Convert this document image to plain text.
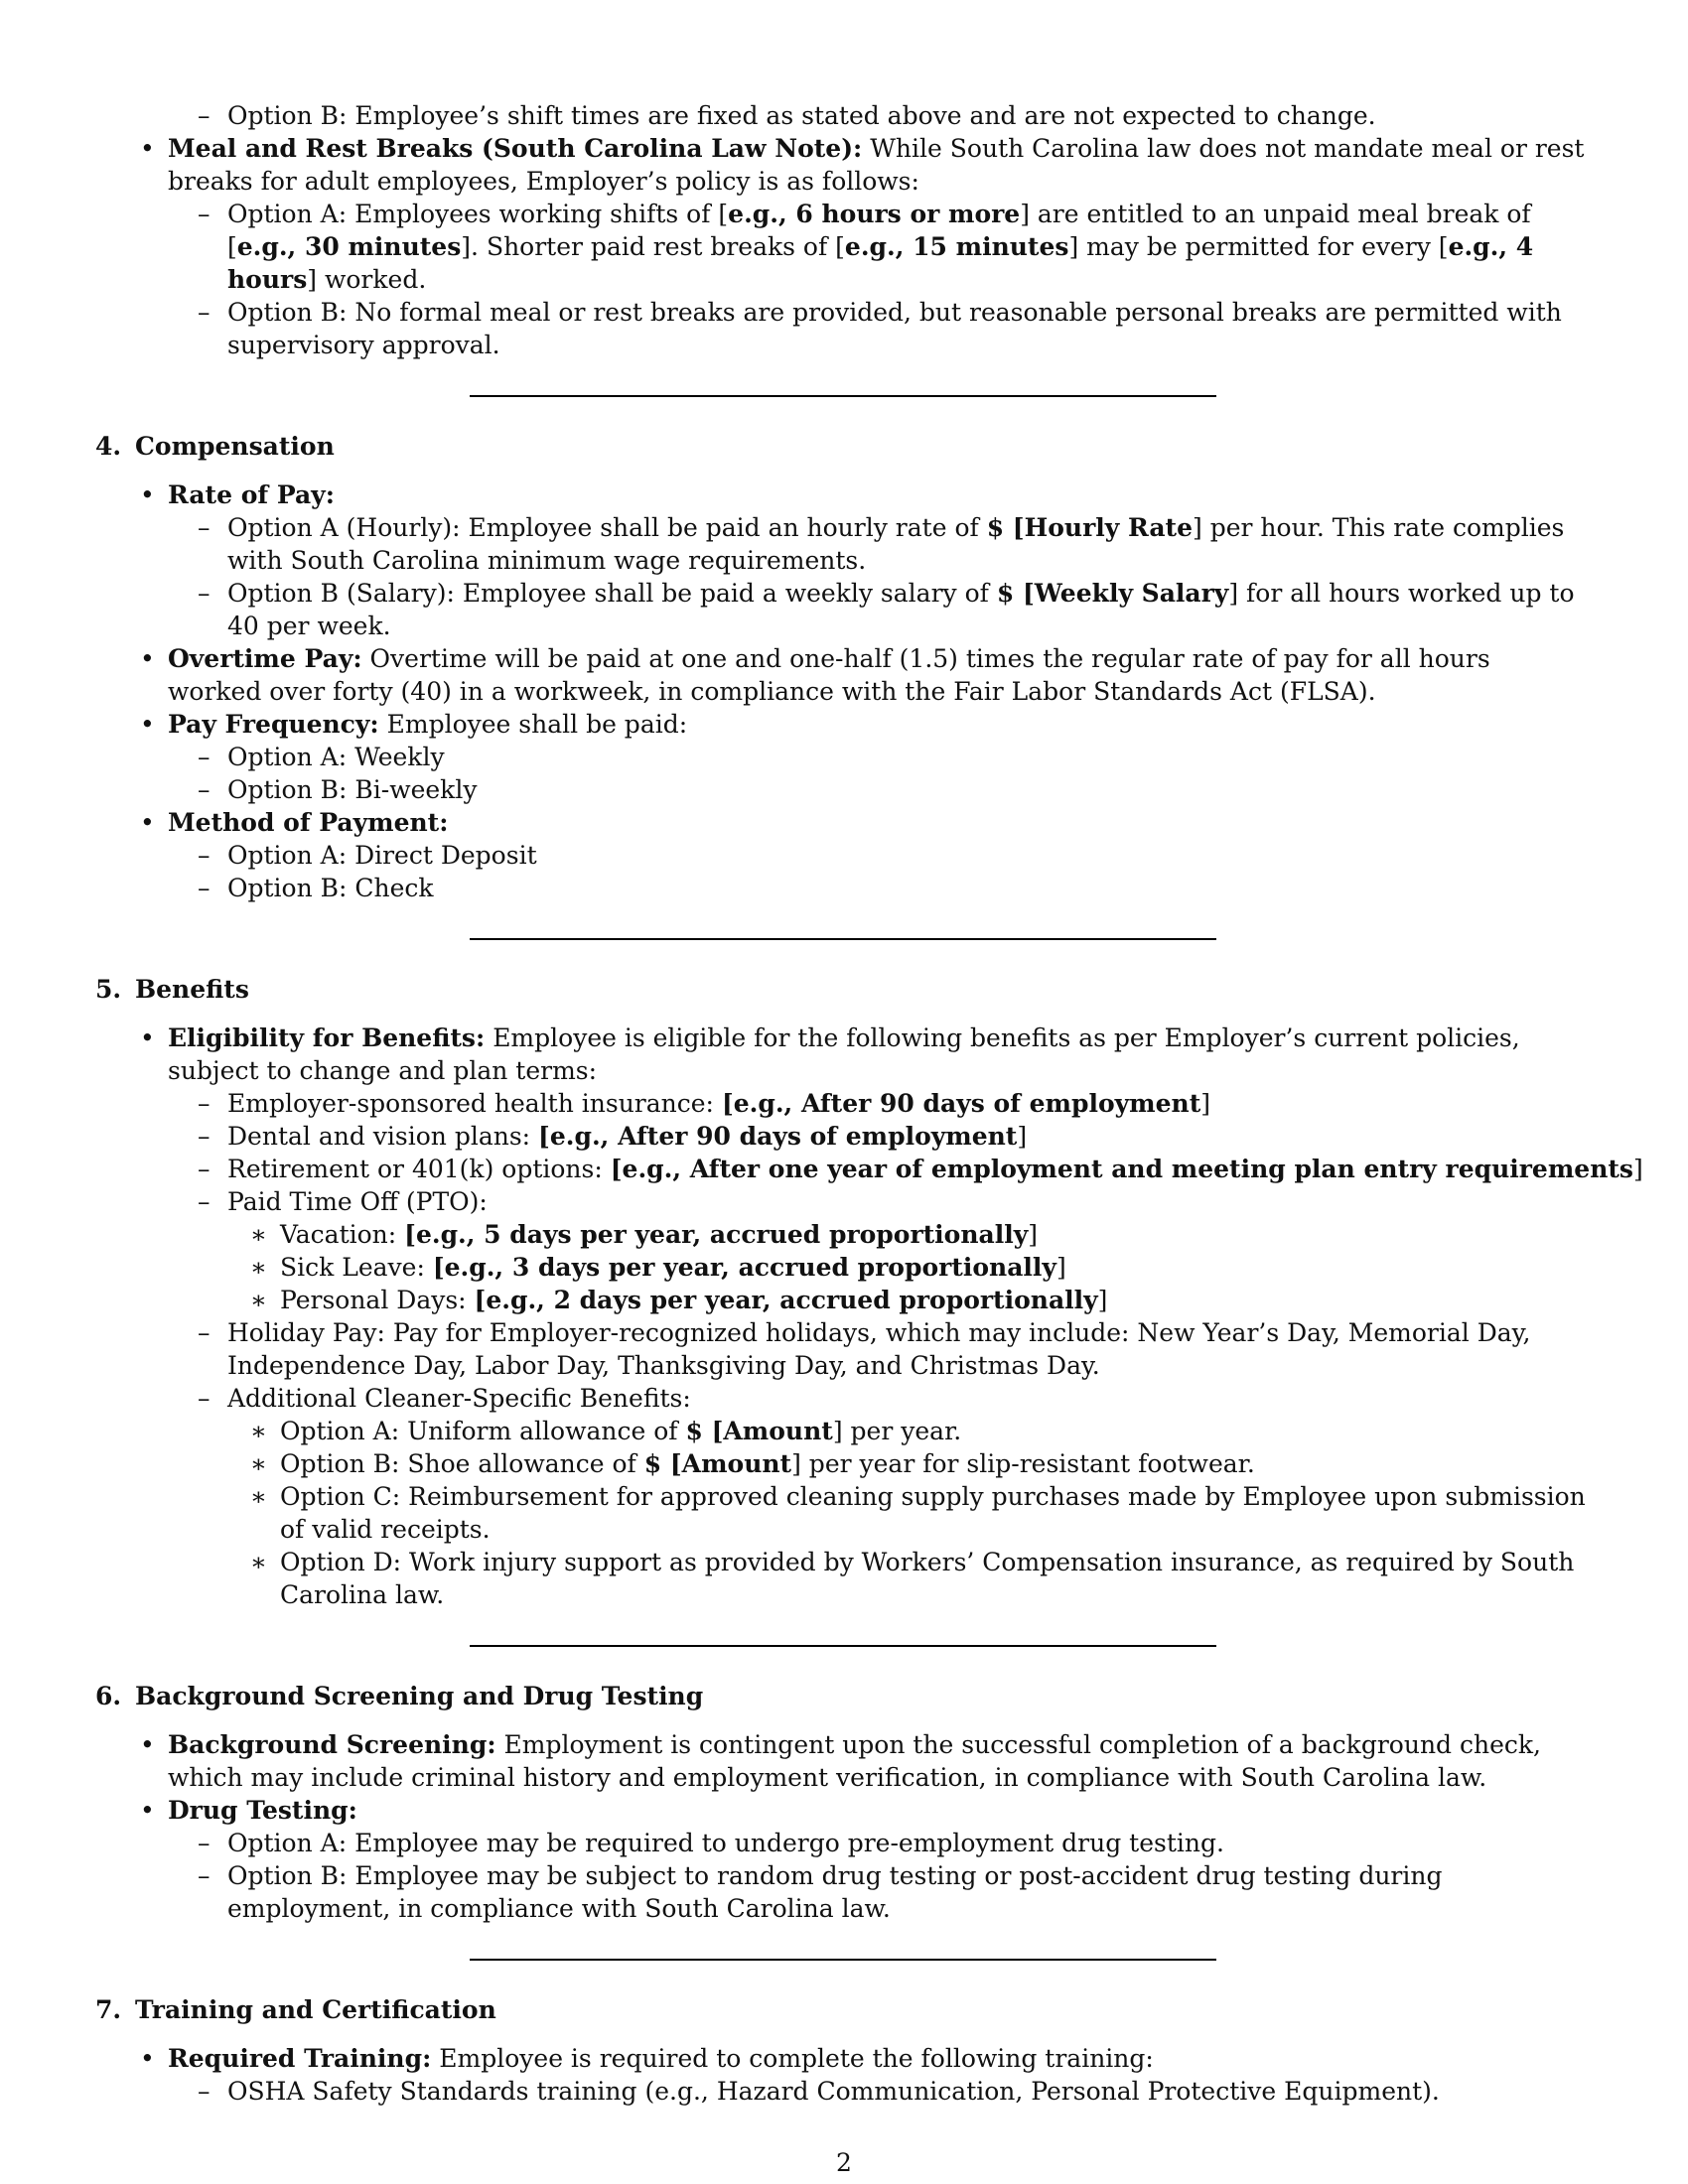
– Option B: Employee’s shift times are fixed as stated above and are not expected to change.
• Meal and Rest Breaks (South Carolina Law Note): While South Carolina law does not mandate meal or rest breaks for adult employees, Employer’s policy is as follows:
– Option A: Employees working shifts of [e.g., 6 hours or more] are entitled to an unpaid meal break of [e.g., 30 minutes]. Shorter paid rest breaks of [e.g., 15 minutes] may be permitted for every [e.g., 4 hours] worked.
– Option B: No formal meal or rest breaks are provided, but reasonable personal breaks are permitted with supervisory approval.
4. Compensation
• Rate of Pay:
– Option A (Hourly): Employee shall be paid an hourly rate of $ [Hourly Rate] per hour. This rate complies with South Carolina minimum wage requirements.
– Option B (Salary): Employee shall be paid a weekly salary of $ [Weekly Salary] for all hours worked up to 40 per week.
• Overtime Pay: Overtime will be paid at one and one-half (1.5) times the regular rate of pay for all hours worked over forty (40) in a workweek, in compliance with the Fair Labor Standards Act (FLSA).
• Pay Frequency: Employee shall be paid:
– Option A: Weekly
– Option B: Bi-weekly
• Method of Payment:
– Option A: Direct Deposit
– Option B: Check
5. Benefits
• Eligibility for Benefits: Employee is eligible for the following benefits as per Employer’s current policies, subject to change and plan terms:
– Employer-sponsored health insurance: [e.g., After 90 days of employment]
– Dental and vision plans: [e.g., After 90 days of employment]
– Retirement or 401(k) options: [e.g., After one year of employment and meeting plan entry requirements]
– Paid Time Off (PTO):
∗ Vacation: [e.g., 5 days per year, accrued proportionally]
∗ Sick Leave: [e.g., 3 days per year, accrued proportionally]
∗ Personal Days: [e.g., 2 days per year, accrued proportionally]
– Holiday Pay: Pay for Employer-recognized holidays, which may include: New Year’s Day, Memorial Day, Independence Day, Labor Day, Thanksgiving Day, and Christmas Day.
– Additional Cleaner-Specific Benefits:
∗ Option A: Uniform allowance of $ [Amount] per year.
∗ Option B: Shoe allowance of $ [Amount] per year for slip-resistant footwear.
∗ Option C: Reimbursement for approved cleaning supply purchases made by Employee upon submission of valid receipts.
∗ Option D: Work injury support as provided by Workers’ Compensation insurance, as required by South Carolina law.
6. Background Screening and Drug Testing
• Background Screening: Employment is contingent upon the successful completion of a background check, which may include criminal history and employment verification, in compliance with South Carolina law.
• Drug Testing:
– Option A: Employee may be required to undergo pre-employment drug testing.
– Option B: Employee may be subject to random drug testing or post-accident drug testing during employment, in compliance with South Carolina law.
7. Training and Certification
• Required Training: Employee is required to complete the following training:
– OSHA Safety Standards training (e.g., Hazard Communication, Personal Protective Equipment).
2
